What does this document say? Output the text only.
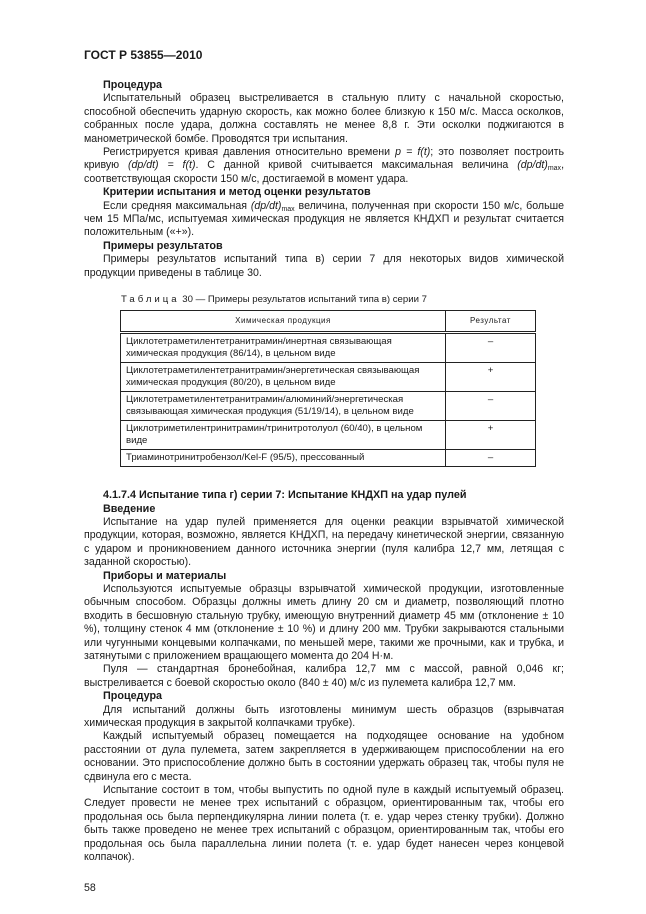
ГОСТ Р 53855—2010
Процедура

Испытательный образец выстреливается в стальную плиту с начальной скоростью, способной обеспечить ударную скорость, как можно более близкую к 150 м/с. Масса осколков, собранных после удара, должна составлять не менее 8,8 г. Эти осколки поджигаются в манометрической бомбе. Проводятся три испытания.

Регистрируется кривая давления относительно времени p = f(t); это позволяет построить кривую (dp/dt) = f(t). С данной кривой считывается максимальная величина $(dp/dt)_{max}$, соответствующая скорости 150 м/с, достигаемой в момент удара.

Критерии испытания и метод оценки результатов

Если средняя максимальная $(dp/dt)_{max}$ величина, полученная при скорости 150 м/с, больше чем 15 МПа/мс, испытуемая химическая продукция не является КНДХП и результат считается положительным («+»).

Примеры результатов

Примеры результатов испытаний типа в) серии 7 для некоторых видов химической продукции приведены в таблице 30.

Таблица 30 — Примеры результатов испытаний типа в) серии 7
Химическая продукция	Результат
Циклотетраметилентетранитрамин/инертная связывающая химическая продукция (86/14), в цельном виде	–
Циклотетраметилентетранитрамин/энергетическая связывающая химическая продукция (80/20), в цельном виде	+
Циклотетраметилентетранитрамин/алюминий/энергетическая связывающая химическая продукция (51/19/14), в цельном виде	–
Циклотриметилентринитрамин/тринитротолуол (60/40), в цельном виде	+
Триаминотринитробензол/Kel-F (95/5), прессованный	–
4.1.7.4 Испытание типа г) серии 7: Испытание КНДХП на удар пулей
Введение

Испытание на удар пулей применяется для оценки реакции взрывчатой химической продукции, которая, возможно, является КНДХП, на передачу кинетической энергии, связанную с ударом и проникновением данного источника энергии (пуля калибра 12,7 мм, летящая с заданной скоростью).

Приборы и материалы

Используются испытуемые образцы взрывчатой химической продукции, изготовленные обычным способом. Образцы должны иметь длину 20 см и диаметр, позволяющий плотно входить в бесшовную стальную трубку, имеющую внутренний диаметр 45 мм (отклонение ± 10 %), толщину стенок 4 мм (отклонение ± 10 %) и длину 200 мм. Трубки закрываются стальными или чугунными концевыми колпачками, по меньшей мере, такими же прочными, как и трубка, и затянутыми с приложением вращающего момента до 204 Н·м.

Пуля — стандартная бронебойная, калибра 12,7 мм с массой, равной 0,046 кг; выстреливается с боевой скоростью около (840 ± 40) м/с из пулемета калибра 12,7 мм.

Процедура

Для испытаний должны быть изготовлены минимум шесть образцов (взрывчатая химическая продукция в закрытой колпачками трубке).

Каждый испытуемый образец помещается на подходящее основание на удобном расстоянии от дула пулемета, затем закрепляется в удерживающем приспособлении на его основании. Это приспособление должно быть в состоянии удержать образец так, чтобы пуля не сдвинула его с места.

Испытание состоит в том, чтобы выпустить по одной пуле в каждый испытуемый образец. Следует провести не менее трех испытаний с образцом, ориентированным так, чтобы его продольная ось была перпендикулярна линии полета (т. е. удар через стенку трубки). Должно быть также проведено не менее трех испытаний с образцом, ориентированным так, чтобы его продольная ось была параллельна линии полета (т. е. удар будет нанесен через концевой колпачок).

58
